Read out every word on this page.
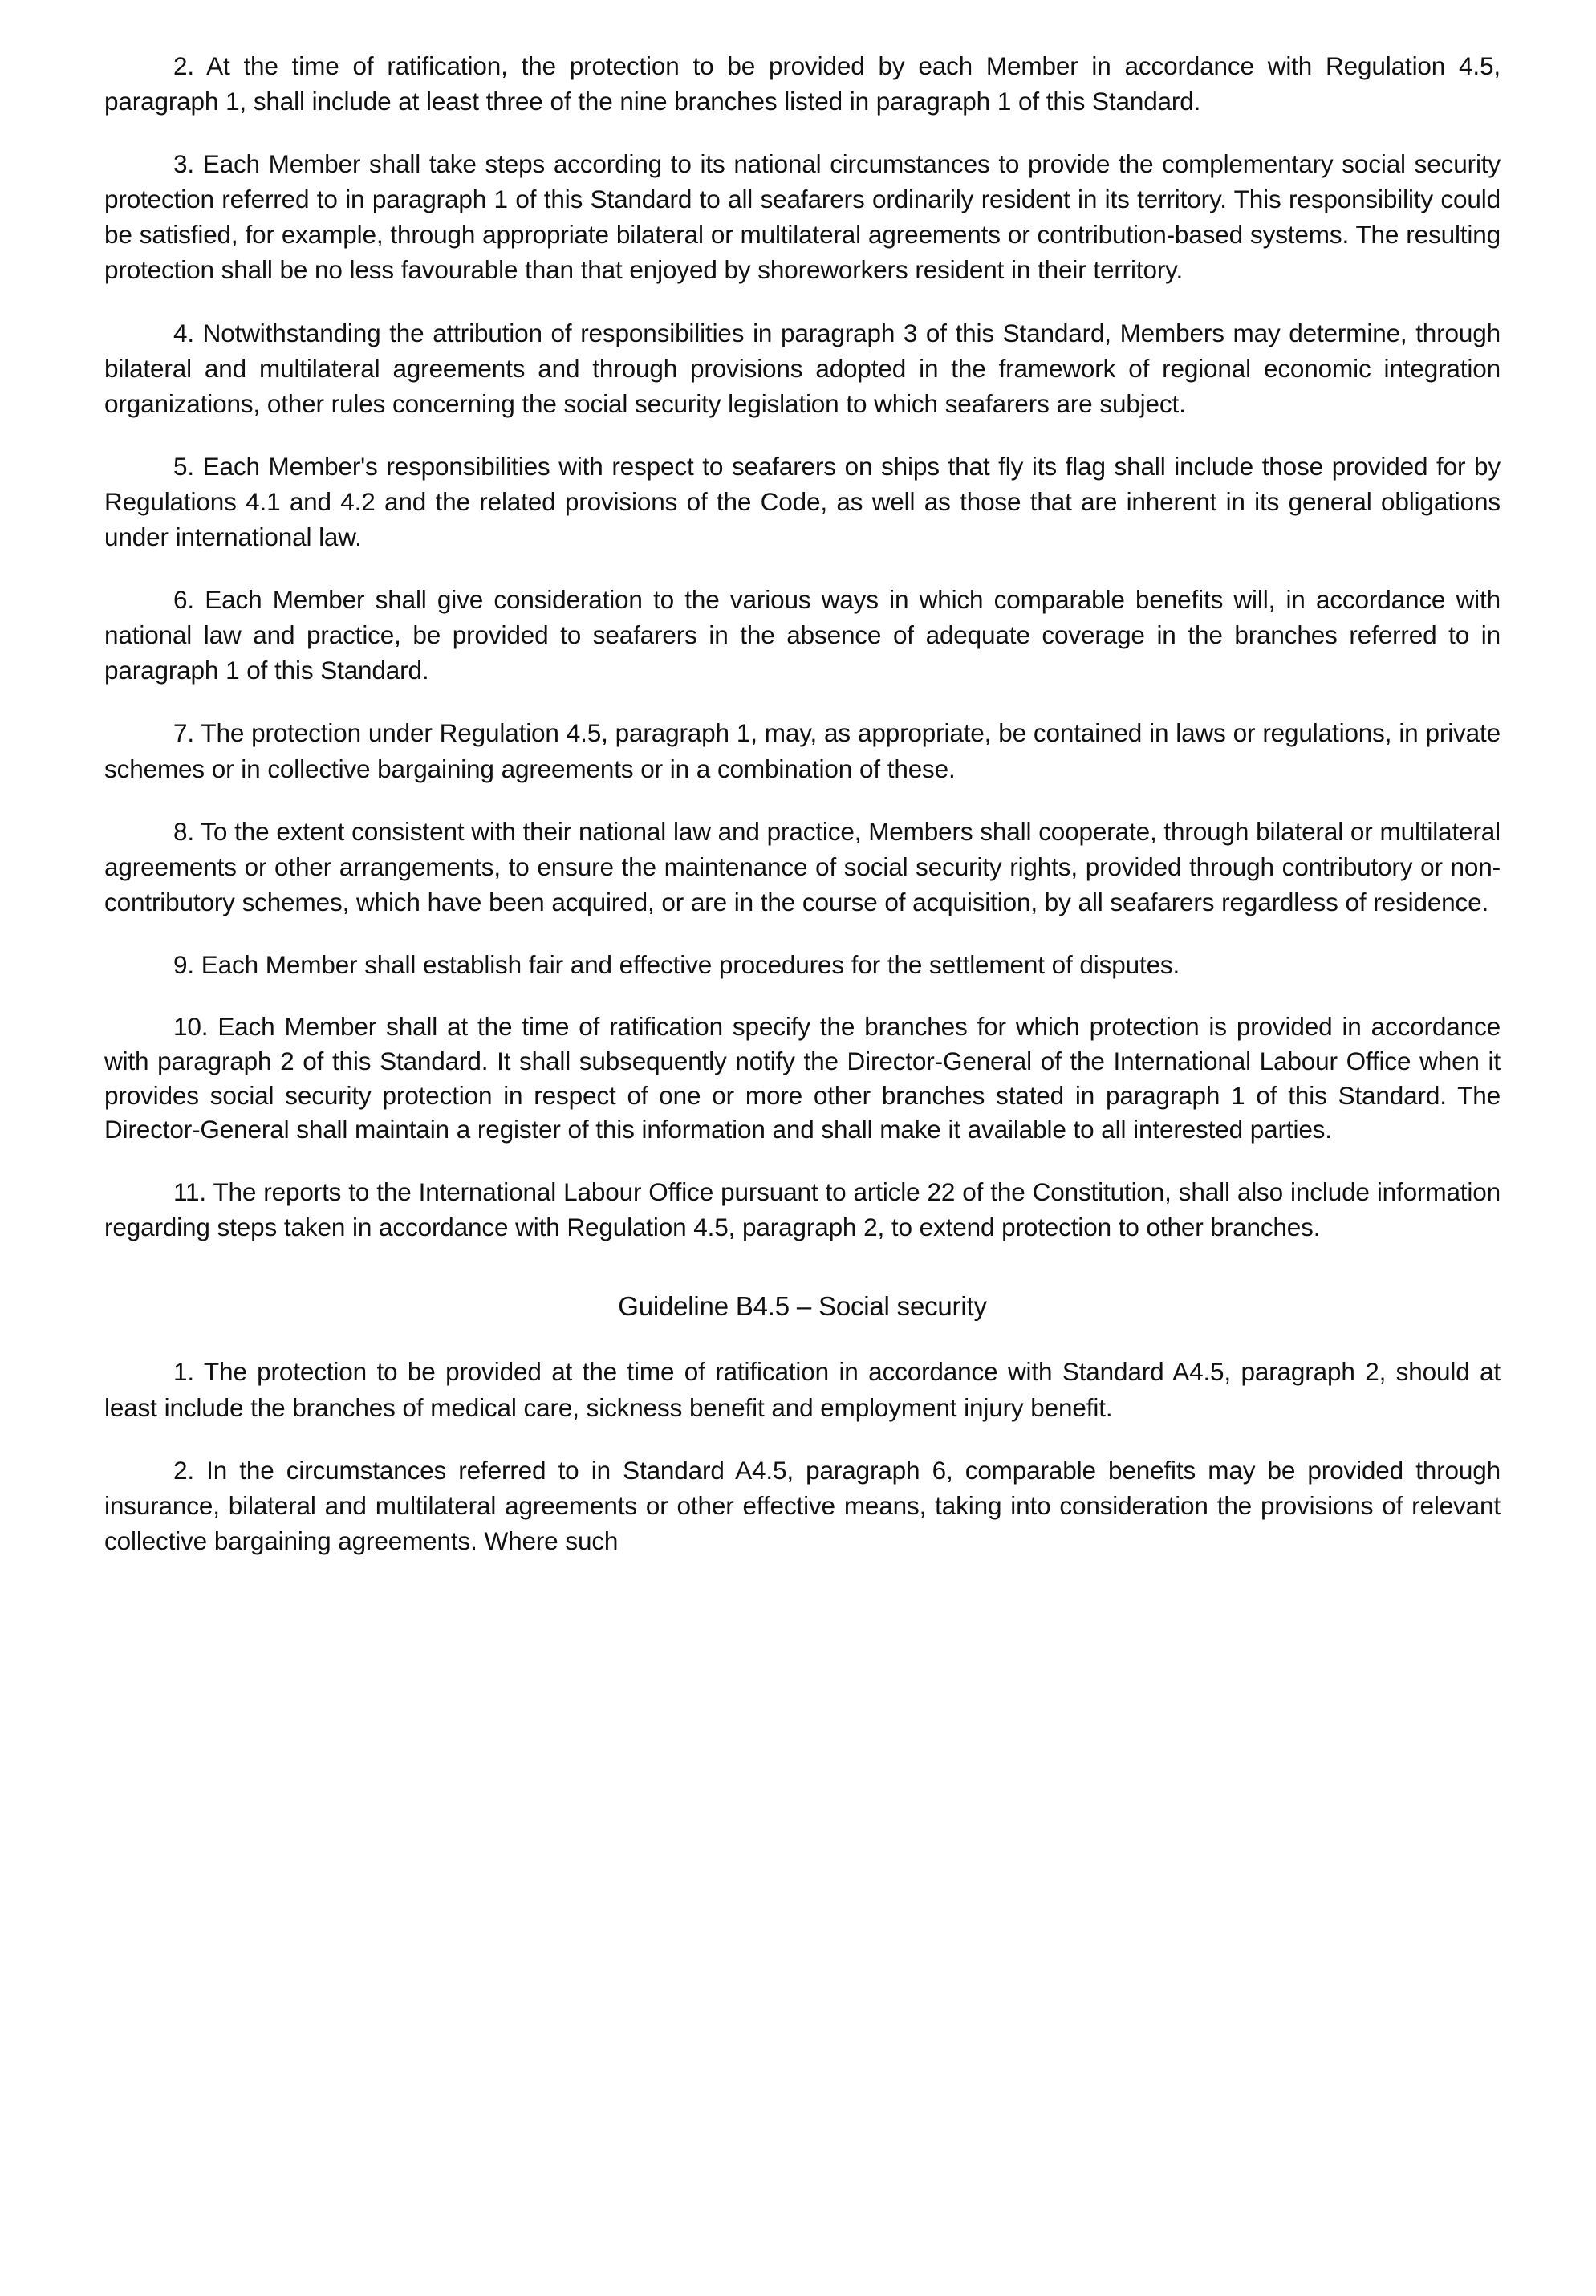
2. At the time of ratification, the protection to be provided by each Member in accordance with Regulation 4.5, paragraph 1, shall include at least three of the nine branches listed in paragraph 1 of this Standard.

3. Each Member shall take steps according to its national circumstances to provide the complementary social security protection referred to in paragraph 1 of this Standard to all seafarers ordinarily resident in its territory. This responsibility could be satisfied, for example, through appropriate bilateral or multilateral agreements or contribution-based systems. The resulting protection shall be no less favourable than that enjoyed by shoreworkers resident in their territory.

4. Notwithstanding the attribution of responsibilities in paragraph 3 of this Standard, Members may determine, through bilateral and multilateral agreements and through provisions adopted in the framework of regional economic integration organizations, other rules concerning the social security legislation to which seafarers are subject.

5. Each Member's responsibilities with respect to seafarers on ships that fly its flag shall include those provided for by Regulations 4.1 and 4.2 and the related provisions of the Code, as well as those that are inherent in its general obligations under international law.

6. Each Member shall give consideration to the various ways in which comparable benefits will, in accordance with national law and practice, be provided to seafarers in the absence of adequate coverage in the branches referred to in paragraph 1 of this Standard.

7. The protection under Regulation 4.5, paragraph 1, may, as appropriate, be contained in laws or regulations, in private schemes or in collective bargaining agreements or in a combination of these.

8. To the extent consistent with their national law and practice, Members shall cooperate, through bilateral or multilateral agreements or other arrangements, to ensure the maintenance of social security rights, provided through contributory or non-contributory schemes, which have been acquired, or are in the course of acquisition, by all seafarers regardless of residence.

9. Each Member shall establish fair and effective procedures for the settlement of disputes.

10. Each Member shall at the time of ratification specify the branches for which protection is provided in accordance with paragraph 2 of this Standard. It shall subsequently notify the Director-General of the International Labour Office when it provides social security protection in respect of one or more other branches stated in paragraph 1 of this Standard. The Director-General shall maintain a register of this information and shall make it available to all interested parties.

11. The reports to the International Labour Office pursuant to article 22 of the Constitution, shall also include information regarding steps taken in accordance with Regulation 4.5, paragraph 2, to extend protection to other branches.

Guideline B4.5 – Social security

1. The protection to be provided at the time of ratification in accordance with Standard A4.5, paragraph 2, should at least include the branches of medical care, sickness benefit and employment injury benefit.

2. In the circumstances referred to in Standard A4.5, paragraph 6, comparable benefits may be provided through insurance, bilateral and multilateral agreements or other effective means, taking into consideration the provisions of relevant collective bargaining agreements. Where such
